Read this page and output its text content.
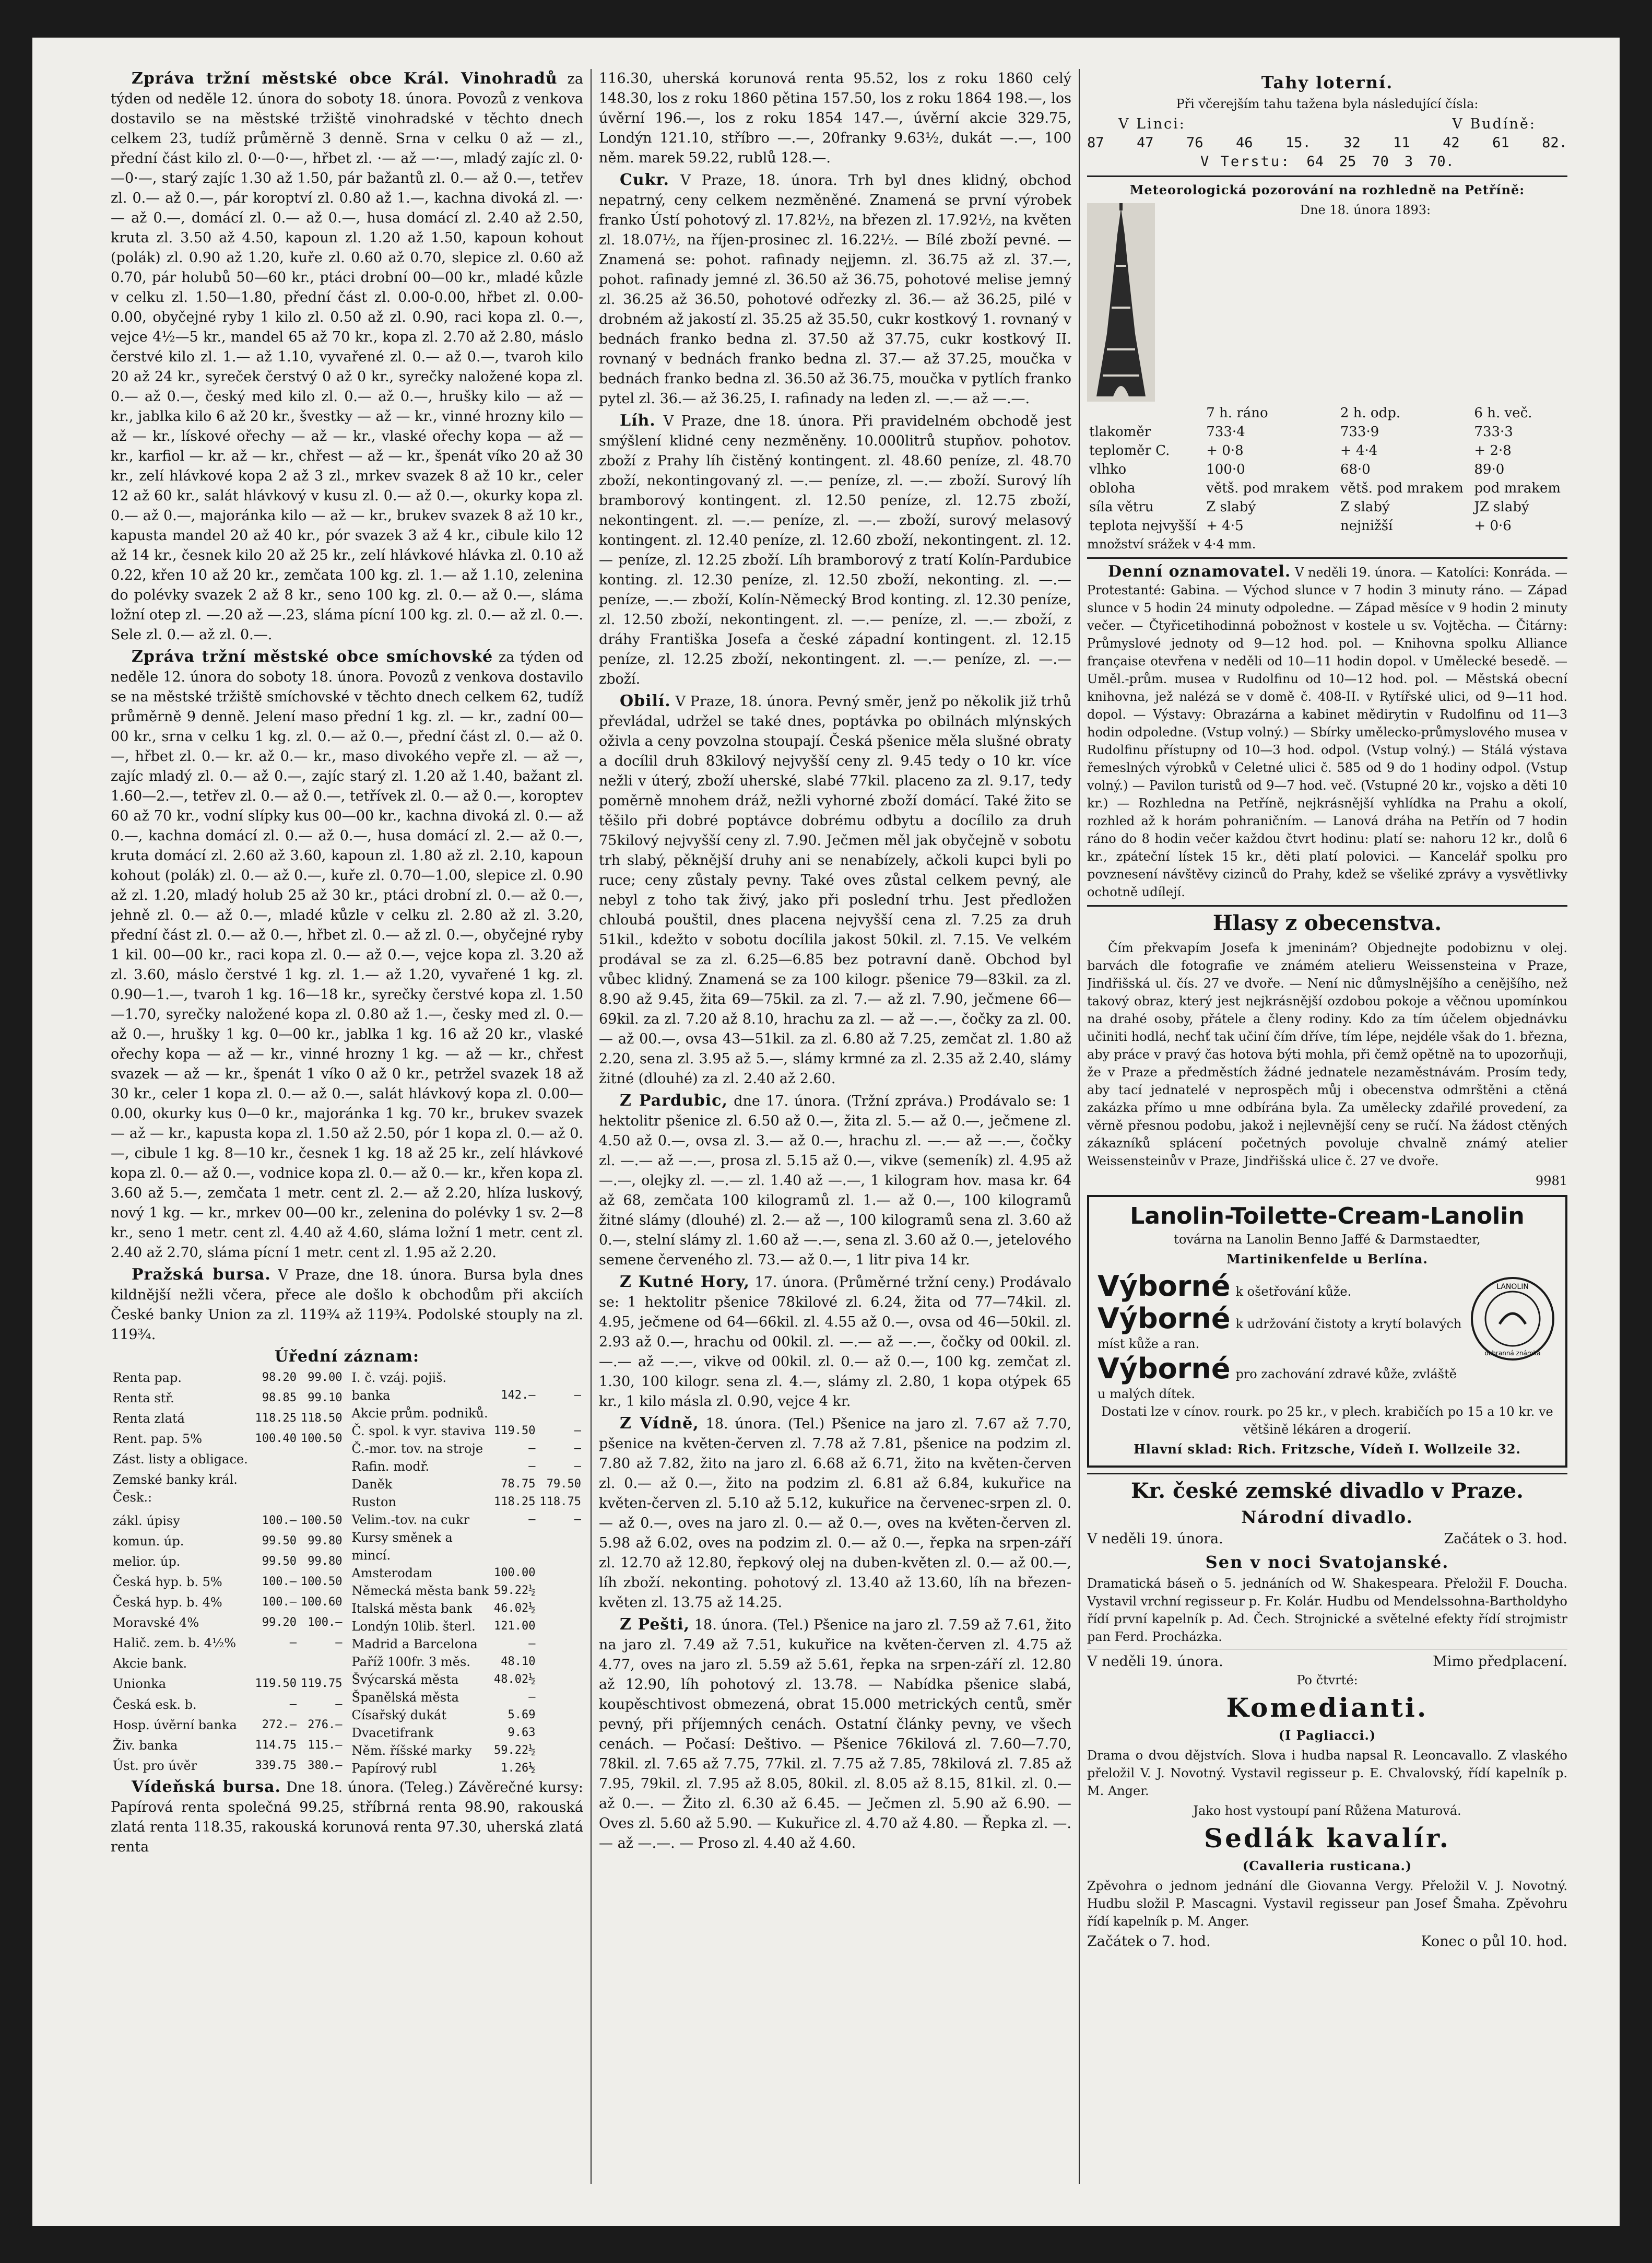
Zpráva tržní městské obce Král. Vinohradů za týden od neděle 12. února do soboty 18. února. Povozů z venkova dostavilo se na městské tržiště vinohradské v těchto dnech celkem 23, tudíž průměrně 3 denně. Srna v celku 0 až — zl., přední část kilo zl. 0·—0·—, hřbet zl. ·— až —·—, mladý zajíc zl. 0·—0·—, starý zajíc 1.30 až 1.50, pár bažantů zl. 0.— až 0.—, tetřev zl. 0.— až 0.—, pár koroptví zl. 0.80 až 1.—, kachna divoká zl. —·— až 0.—, domácí zl. 0.— až 0.—, husa domácí zl. 2.40 až 2.50, kruta zl. 3.50 až 4.50, kapoun zl. 1.20 až 1.50, kapoun kohout (polák) zl. 0.90 až 1.20, kuře zl. 0.60 až 0.70, slepice zl. 0.60 až 0.70, pár holubů 50—60 kr., ptáci drobní 00—00 kr., mladé kůzle v celku zl. 1.50—1.80, přední část zl. 0.00-0.00, hřbet zl. 0.00-0.00, obyčejné ryby 1 kilo zl. 0.50 až zl. 0.90, raci kopa zl. 0.—, vejce 4½—5 kr., mandel 65 až 70 kr., kopa zl. 2.70 až 2.80, máslo čerstvé kilo zl. 1.— až 1.10, vyvařené zl. 0.— až 0.—, tvaroh kilo 20 až 24 kr., syreček čerstvý 0 až 0 kr., syrečky naložené kopa zl. 0.— až 0.—, český med kilo zl. 0.— až 0.—, hrušky kilo — až — kr., jablka kilo 6 až 20 kr., švestky — až — kr., vinné hrozny kilo — až — kr., lískové ořechy — až — kr., vlaské ořechy kopa — až — kr., karfiol — kr. až — kr., chřest — až — kr., špenát víko 20 až 30 kr., zelí hlávkové kopa 2 až 3 zl., mrkev svazek 8 až 10 kr., celer 12 až 60 kr., salát hlávkový v kusu zl. 0.— až 0.—, okurky kopa zl. 0.— až 0.—, majoránka kilo — až — kr., brukev svazek 8 až 10 kr., kapusta mandel 20 až 40 kr., pór svazek 3 až 4 kr., cibule kilo 12 až 14 kr., česnek kilo 20 až 25 kr., zelí hlávkové hlávka zl. 0.10 až 0.22, křen 10 až 20 kr., zemčata 100 kg. zl. 1.— až 1.10, zelenina do polévky svazek 2 až 8 kr., seno 100 kg. zl. 0.— až 0.—, sláma ložní otep zl. —.20 až —.23, sláma pícní 100 kg. zl. 0.— až zl. 0.—. Sele zl. 0.— až zl. 0.—.

Zpráva tržní městské obce smíchovské za týden od neděle 12. února do soboty 18. února. Povozů z venkova dostavilo se na městské tržiště smíchovské v těchto dnech celkem 62, tudíž průměrně 9 denně. Jelení maso přední 1 kg. zl. — kr., zadní 00—00 kr., srna v celku 1 kg. zl. 0.— až 0.—, přední část zl. 0.— až 0.—, hřbet zl. 0.— kr. až 0.— kr., maso divokého vepře zl. — až —, zajíc mladý zl. 0.— až 0.—, zajíc starý zl. 1.20 až 1.40, bažant zl. 1.60—2.—, tetřev zl. 0.— až 0.—, tetřívek zl. 0.— až 0.—, koroptev 60 až 70 kr., vodní slípky kus 00—00 kr., kachna divoká zl. 0.— až 0.—, kachna domácí zl. 0.— až 0.—, husa domácí zl. 2.— až 0.—, kruta domácí zl. 2.60 až 3.60, kapoun zl. 1.80 až zl. 2.10, kapoun kohout (polák) zl. 0.— až 0.—, kuře zl. 0.70—1.00, slepice zl. 0.90 až zl. 1.20, mladý holub 25 až 30 kr., ptáci drobní zl. 0.— až 0.—, jehně zl. 0.— až 0.—, mladé kůzle v celku zl. 2.80 až zl. 3.20, přední část zl. 0.— až 0.—, hřbet zl. 0.— až zl. 0.—, obyčejné ryby 1 kil. 00—00 kr., raci kopa zl. 0.— až 0.—, vejce kopa zl. 3.20 až zl. 3.60, máslo čerstvé 1 kg. zl. 1.— až 1.20, vyvařené 1 kg. zl. 0.90—1.—, tvaroh 1 kg. 16—18 kr., syrečky čerstvé kopa zl. 1.50—1.70, syrečky naložené kopa zl. 0.80 až 1.—, česky med zl. 0.— až 0.—, hrušky 1 kg. 0—00 kr., jablka 1 kg. 16 až 20 kr., vlaské ořechy kopa — až — kr., vinné hrozny 1 kg. — až — kr., chřest svazek — až — kr., špenát 1 víko 0 až 0 kr., petržel svazek 18 až 30 kr., celer 1 kopa zl. 0.— až 0.—, salát hlávkový kopa zl. 0.00—0.00, okurky kus 0—0 kr., majoránka 1 kg. 70 kr., brukev svazek — až — kr., kapusta kopa zl. 1.50 až 2.50, pór 1 kopa zl. 0.— až 0.—, cibule 1 kg. 8—10 kr., česnek 1 kg. 18 až 25 kr., zelí hlávkové kopa zl. 0.— až 0.—, vodnice kopa zl. 0.— až 0.— kr., křen kopa zl. 3.60 až 5.—, zemčata 1 metr. cent zl. 2.— až 2.20, hlíza luskový, nový 1 kg. — kr., mrkev 00—00 kr., zelenina do polévky 1 sv. 2—8 kr., seno 1 metr. cent zl. 4.40 až 4.60, sláma ložní 1 metr. cent zl. 2.40 až 2.70, sláma pícní 1 metr. cent zl. 1.95 až 2.20.

Pražská bursa. V Praze, dne 18. února. Bursa byla dnes kildnější nežli včera, přece ale došlo k obchodům při akciích České banky Union za zl. 119¾ až 119¾. Podolské stouply na zl. 119¾.

Úřední záznam:

Renta pap.	98.20	99.00
Renta stř.	98.85	99.10
Renta zlatá	118.25	118.50
Rent. pap. 5%	100.40	100.50
Zást. listy a obligace.		
Zemské banky král. Česk.:		
zákl. úpisy	100.—	100.50
komun. úp.	99.50	99.80
melior. úp.	99.50	99.80
Česká hyp. b. 5%	100.—	100.50
Česká hyp. b. 4%	100.—	100.60
Moravské 4%	99.20	100.—
Halič. zem. b. 4½%	—	—
Akcie bank.		
Unionka	119.50	119.75
Česká esk. b.	—	—
Hosp. úvěrní banka	272.—	276.—
Živ. banka	114.75	115.—
Úst. pro úvěr	339.75	380.—
I. č. vzáj. pojiš.		
banka	142.—	—
Akcie prům. podniků.		
Č. spol. k vyr. staviva	119.50	—
Č.-mor. tov. na stroje	—	—
Rafin. modř.	—	—
Daněk	78.75	79.50
Ruston	118.25	118.75
Velim.-tov. na cukr	—	—
Kursy směnek a mincí.		
Amsterodam	100.00	
Německá města bank	59.22½	
Italská města bank	46.02½	
Londýn 10lib. šterl.	121.00	
Madrid a Barcelona	—	
Paříž 100fr. 3 měs.	48.10	
Švýcarská města	48.02½	
Španělská města	—	
Císařský dukát	5.69	
Dvacetifrank	9.63	
Něm. říšské marky	59.22½	
Papírový rubl	1.26½	

Vídeňská bursa. Dne 18. února. (Teleg.) Závěrečné kursy: Papírová renta společná 99.25, stříbrná renta 98.90, rakouská zlatá renta 118.35, rakouská korunová renta 97.30, uherská zlatá renta

116.30, uherská korunová renta 95.52, los z roku 1860 celý 148.30, los z roku 1860 pětina 157.50, los z roku 1864 198.—, los úvěrní 196.—, los z roku 1854 147.—, úvěrní akcie 329.75, Londýn 121.10, stříbro —.—, 20franky 9.63½, dukát —.—, 100 něm. marek 59.22, rublů 128.—.

Cukr. V Praze, 18. února. Trh byl dnes klidný, obchod nepatrný, ceny celkem nezměněné. Znamená se první výrobek franko Ústí pohotový zl. 17.82½, na březen zl. 17.92½, na květen zl. 18.07½, na říjen-prosinec zl. 16.22½. — Bílé zboží pevné. — Znamená se: pohot. rafinady nejjemn. zl. 36.75 až zl. 37.—, pohot. rafinady jemné zl. 36.50 až 36.75, pohotové melise jemný zl. 36.25 až 36.50, pohotové odřezky zl. 36.— až 36.25, pilé v drobném až jakostí zl. 35.25 až 35.50, cukr kostkový 1. rovnaný v bednách franko bedna zl. 37.50 až 37.75, cukr kostkový II. rovnaný v bednách franko bedna zl. 37.— až 37.25, moučka v bednách franko bedna zl. 36.50 až 36.75, moučka v pytlích franko pytel zl. 36.— až 36.25, I. rafinady na leden zl. —.— až —.—.

Líh. V Praze, dne 18. února. Při pravidelném obchodě jest smýšlení klidné ceny nezměněny. 10.000litrů stupňov. pohotov. zboží z Prahy líh čistěný kontingent. zl. 48.60 peníze, zl. 48.70 zboží, nekontingovaný zl. —.— peníze, zl. —.— zboží. Surový líh bramborový kontingent. zl. 12.50 peníze, zl. 12.75 zboží, nekontingent. zl. —.— peníze, zl. —.— zboží, surový melasový kontingent. zl. 12.40 peníze, zl. 12.60 zboží, nekontingent. zl. 12.— peníze, zl. 12.25 zboží. Líh bramborový z tratí Kolín-Pardubice konting. zl. 12.30 peníze, zl. 12.50 zboží, nekonting. zl. —.— peníze, —.— zboží, Kolín-Německý Brod konting. zl. 12.30 peníze, zl. 12.50 zboží, nekontingent. zl. —.— peníze, zl. —.— zboží, z dráhy Františka Josefa a české západní kontingent. zl. 12.15 peníze, zl. 12.25 zboží, nekontingent. zl. —.— peníze, zl. —.— zboží.

Obilí. V Praze, 18. února. Pevný směr, jenž po několik již trhů převládal, udržel se také dnes, poptávka po obilnách mlýnských oživla a ceny povzolna stoupají. Česká pšenice měla slušné obraty a docílil druh 83kilový nejvyšší ceny zl. 9.45 tedy o 10 kr. více nežli v úterý, zboží uherské, slabé 77kil. placeno za zl. 9.17, tedy poměrně mnohem dráž, nežli vyhorné zboží domácí. Také žito se těšilo při dobré poptávce dobrému odbytu a docílilo za druh 75kilový nejvyšší ceny zl. 7.90. Ječmen měl jak obyčejně v sobotu trh slabý, pěknější druhy ani se nenabízely, ačkoli kupci byli po ruce; ceny zůstaly pevny. Také oves zůstal celkem pevný, ale nebyl z toho tak živý, jako při poslední trhu. Jest předložen chloubá pouštil, dnes placena nejvyšší cena zl. 7.25 za druh 51kil., kdežto v sobotu docílila jakost 50kil. zl. 7.15. Ve velkém prodával se za zl. 6.25—6.85 bez potravní daně. Obchod byl vůbec klidný. Znamená se za 100 kilogr. pšenice 79—83kil. za zl. 8.90 až 9.45, žita 69—75kil. za zl. 7.— až zl. 7.90, ječmene 66—69kil. za zl. 7.20 až 8.10, hrachu za zl. — až —.—, čočky za zl. 00.— až 00.—, ovsa 43—51kil. za zl. 6.80 až 7.25, zemčat zl. 1.80 až 2.20, sena zl. 3.95 až 5.—, slámy krmné za zl. 2.35 až 2.40, slámy žitné (dlouhé) za zl. 2.40 až 2.60.

Z Pardubic, dne 17. února. (Tržní zpráva.) Prodávalo se: 1 hektolitr pšenice zl. 6.50 až 0.—, žita zl. 5.— až 0.—, ječmene zl. 4.50 až 0.—, ovsa zl. 3.— až 0.—, hrachu zl. —.— až —.—, čočky zl. —.— až —.—, prosa zl. 5.15 až 0.—, vikve (semeník) zl. 4.95 až —.—, olejky zl. —.— zl. 1.40 až —.—, 1 kilogram hov. masa kr. 64 až 68, zemčata 100 kilogramů zl. 1.— až 0.—, 100 kilogramů žitné slámy (dlouhé) zl. 2.— až —, 100 kilogramů sena zl. 3.60 až 0.—, stelní slámy zl. 1.60 až —.—, sena zl. 3.60 až 0.—, jetelového semene červeného zl. 73.— až 0.—, 1 litr piva 14 kr.

Z Kutné Hory, 17. února. (Průměrné tržní ceny.) Prodávalo se: 1 hektolitr pšenice 78kilové zl. 6.24, žita od 77—74kil. zl. 4.95, ječmene od 64—66kil. zl. 4.55 až 0.—, ovsa od 46—50kil. zl. 2.93 až 0.—, hrachu od 00kil. zl. —.— až —.—, čočky od 00kil. zl. —.— až —.—, vikve od 00kil. zl. 0.— až 0.—, 100 kg. zemčat zl. 1.30, 100 kilogr. sena zl. 4.—, slámy zl. 2.80, 1 kopa otýpek 65 kr., 1 kilo másla zl. 0.90, vejce 4 kr.

Z Vídně, 18. února. (Tel.) Pšenice na jaro zl. 7.67 až 7.70, pšenice na květen-červen zl. 7.78 až 7.81, pšenice na podzim zl. 7.80 až 7.82, žito na jaro zl. 6.68 až 6.71, žito na květen-červen zl. 0.— až 0.—, žito na podzim zl. 6.81 až 6.84, kukuřice na květen-červen zl. 5.10 až 5.12, kukuřice na červenec-srpen zl. 0.— až 0.—, oves na jaro zl. 0.— až 0.—, oves na květen-červen zl. 5.98 až 6.02, oves na podzim zl. 0.— až 0.—, řepka na srpen-září zl. 12.70 až 12.80, řepkový olej na duben-květen zl. 0.— až 00.—, líh zboží. nekonting. pohotový zl. 13.40 až 13.60, líh na březen-květen zl. 13.75 až 14.25.

Z Pešti, 18. února. (Tel.) Pšenice na jaro zl. 7.59 až 7.61, žito na jaro zl. 7.49 až 7.51, kukuřice na květen-červen zl. 4.75 až 4.77, oves na jaro zl. 5.59 až 5.61, řepka na srpen-září zl. 12.80 až 12.90, líh pohotový zl. 13.78. — Nabídka pšenice slabá, koupěschtivost obmezená, obrat 15.000 metrických centů, směr pevný, při příjemných cenách. Ostatní články pevny, ve všech cenách. — Počasí: Deštivo. — Pšenice 76kilová zl. 7.60—7.70, 78kil. zl. 7.65 až 7.75, 77kil. zl. 7.75 až 7.85, 78kilová zl. 7.85 až 7.95, 79kil. zl. 7.95 až 8.05, 80kil. zl. 8.05 až 8.15, 81kil. zl. 0.— až 0.—. — Žito zl. 6.30 až 6.45. — Ječmen zl. 5.90 až 6.90. — Oves zl. 5.60 až 5.90. — Kukuřice zl. 4.70 až 4.80. — Řepka zl. —.— až —.—. — Proso zl. 4.40 až 4.60.

Tahy loterní.

Při včerejším tahu tažena byla následující čísla:

V Linci:	V Budíně:
87 47 76 46 15. 32 11 42 61 82.
V Terstu: 64 25 70 3 70.

Meteorologická pozorování na rozhledně na Petříně:

Dne 18. února 1893:

	7 h. ráno	2 h. odp.	6 h. več.
tlakoměr	733·4	733·9	733·3
teploměr C.	+ 0·8	+ 4·4	+ 2·8
vlhko	100·0	68·0	89·0
obloha	větš. pod mrakem	větš. pod mrakem	pod mrakem
síla větru	Z slabý	Z slabý	JZ slabý
teplota nejvyšší	+ 4·5	nejnižší	+ 0·6

množství srážek v 4·4 mm.

Denní oznamovatel. V neděli 19. února. — Katolíci: Konráda. — Protestanté: Gabina. — Východ slunce v 7 hodin 3 minuty ráno. — Západ slunce v 5 hodin 24 minuty odpoledne. — Západ měsíce v 9 hodin 2 minuty večer. — Čtyřicetihodinná pobožnost v kostele u sv. Vojtěcha. — Čitárny: Průmyslové jednoty od 9—12 hod. pol. — Knihovna spolku Alliance française otevřena v neděli od 10—11 hodin dopol. v Umělecké besedě. — Uměl.-prům. musea v Rudolfinu od 10—12 hod. pol. — Městská obecní knihovna, jež nalézá se v domě č. 408-II. v Rytířské ulici, od 9—11 hod. dopol. — Výstavy: Obrazárna a kabinet mědirytin v Rudolfinu od 11—3 hodin odpoledne. (Vstup volný.) — Sbírky umělecko-průmyslového musea v Rudolfinu přístupny od 10—3 hod. odpol. (Vstup volný.) — Stálá výstava řemeslných výrobků v Celetné ulici č. 585 od 9 do 1 hodiny odpol. (Vstup volný.) — Pavilon turistů od 9—7 hod. več. (Vstupné 20 kr., vojsko a děti 10 kr.) — Rozhledna na Petříně, nejkrásnější vyhlídka na Prahu a okolí, rozhled až k horám pohraničním. — Lanová dráha na Petřín od 7 hodin ráno do 8 hodin večer každou čtvrt hodinu: platí se: nahoru 12 kr., dolů 6 kr., zpáteční lístek 15 kr., děti platí polovici. — Kancelář spolku pro povznesení návštěvy cizinců do Prahy, kdež se všeliké zprávy a vysvětlivky ochotně udílejí.

Hlasy z obecenstva.

Čím překvapím Josefa k jmeninám? Objednejte podobiznu v olej. barvách dle fotografie ve známém atelieru Weissensteina v Praze, Jindřišská ul. čís. 27 ve dvoře. — Není nic důmyslnějšího a cenějšího, než takový obraz, který jest nejkrásnější ozdobou pokoje a věčnou upomínkou na drahé osoby, přátele a členy rodiny. Kdo za tím účelem objednávku učiniti hodlá, nechť tak učiní čím dříve, tím lépe, nejdéle však do 1. března, aby práce v pravý čas hotova býti mohla, při čemž opětně na to upozorňuji, že v Praze a předměstích žádné jednatele nezaměstnávám. Prosím tedy, aby tací jednatelé v neprospěch můj i obecenstva odmrštěni a ctěná zakázka přímo u mne odbírána byla. Za umělecky zdařilé provedení, za věrně přesnou podobu, jakož i nejlevnější ceny se ručí. Na žádost ctěných zákazníků splácení početných povoluje chvalně známý atelier Weissensteinův v Praze, Jindřišská ulice č. 27 ve dvoře.

9981

Lanolin-Toilette-Cream-Lanolin

továrna na Lanolin Benno Jaffé & Darmstaedter,

Martinikenfelde u Berlína.

LANOLIN
ochranná známka
Výborné k ošetřování kůže.
Výborné k udržování čistoty a krytí bolavých míst kůže a ran.
Výborné pro zachování zdravé kůže, zvláště u malých dítek.

Dostati lze v cínov. rourk. po 25 kr., v plech. krabičích po 15 a 10 kr. ve většině lékáren a drogerií.

Hlavní sklad: Rich. Fritzsche, Vídeň I. Wollzeile 32.

Kr. české zemské divadlo v Praze.
Národní divadlo.
V neděli 19. února.	Začátek o 3. hod.
Sen v noci Svatojanské.

Dramatická báseň o 5. jednáních od W. Shakespeara. Přeložil F. Doucha. Vystavil vrchní regisseur p. Fr. Kolár. Hudbu od Mendelssohna-Bartholdyho řídí první kapelník p. Ad. Čech. Strojnické a světelné efekty řídí strojmistr pan Ferd. Procházka.

V neděli 19. února.	Mimo předplacení.

Po čtvrté:

Komedianti.

(I Pagliacci.)

Drama o dvou dějstvích. Slova i hudba napsal R. Leoncavallo. Z vlaského přeložil V. J. Novotný. Vystavil regisseur p. E. Chvalovský, řídí kapelník p. M. Anger.

Jako host vystoupí paní Růžena Maturová.

Sedlák kavalír.

(Cavalleria rusticana.)

Zpěvohra o jednom jednání dle Giovanna Vergy. Přeložil V. J. Novotný. Hudbu složil P. Mascagni. Vystavil regisseur pan Josef Šmaha. Zpěvohru řídí kapelník p. M. Anger.

Začátek o 7. hod.	Konec o půl 10. hod.
